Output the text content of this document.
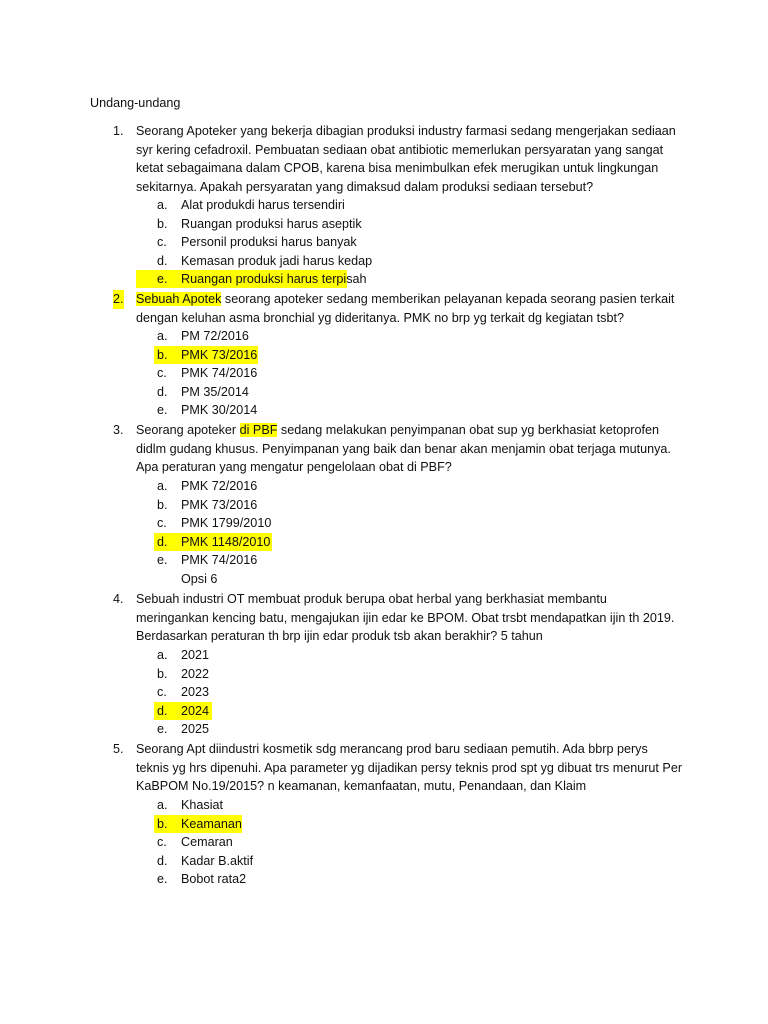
Undang-undang
1. Seorang Apoteker yang bekerja dibagian produksi industry farmasi sedang mengerjakan sediaan syr kering cefadroxil. Pembuatan sediaan obat antibiotic memerlukan persyaratan yang sangat ketat sebagaimana dalam CPOB, karena bisa menimbulkan efek merugikan untuk lingkungan sekitarnya. Apakah persyaratan yang dimaksud dalam produksi sediaan tersebut?
a. Alat produkdi harus tersendiri
b. Ruangan produksi harus aseptik
c. Personil produksi harus banyak
d. Kemasan produk jadi harus kedap
e. Ruangan produksi harus terpisah
2. Sebuah Apotek seorang apoteker sedang memberikan pelayanan kepada seorang pasien terkait dengan keluhan asma bronchial yg dideritanya. PMK no brp yg terkait dg kegiatan tsbt?
a. PM 72/2016
b. PMK 73/2016
c. PMK 74/2016
d. PM 35/2014
e. PMK 30/2014
3. Seorang apoteker di PBF sedang melakukan penyimpanan obat sup yg berkhasiat ketoprofen didlm gudang khusus. Penyimpanan yang baik dan benar akan menjamin obat terjaga mutunya. Apa peraturan yang mengatur pengelolaan obat di PBF?
a. PMK 72/2016
b. PMK 73/2016
c. PMK 1799/2010
d. PMK 1148/2010
e. PMK 74/2016
Opsi 6
4. Sebuah industri OT membuat produk berupa obat herbal yang berkhasiat membantu meringankan kencing batu, mengajukan ijin edar ke BPOM. Obat trsbt mendapatkan ijin th 2019. Berdasarkan peraturan th brp ijin edar produk tsb akan berakhir? 5 tahun
a. 2021
b. 2022
c. 2023
d. 2024
e. 2025
5. Seorang Apt diindustri kosmetik sdg merancang prod baru sediaan pemutih. Ada bbrp perys teknis yg hrs dipenuhi. Apa parameter yg dijadikan persy teknis prod spt yg dibuat trs menurut Per KaBPOM No.19/2015? n keamanan, kemanfaatan, mutu, Penandaan, dan Klaim
a. Khasiat
b. Keamanan
c. Cemaran
d. Kadar B.aktif
e. Bobot rata2
